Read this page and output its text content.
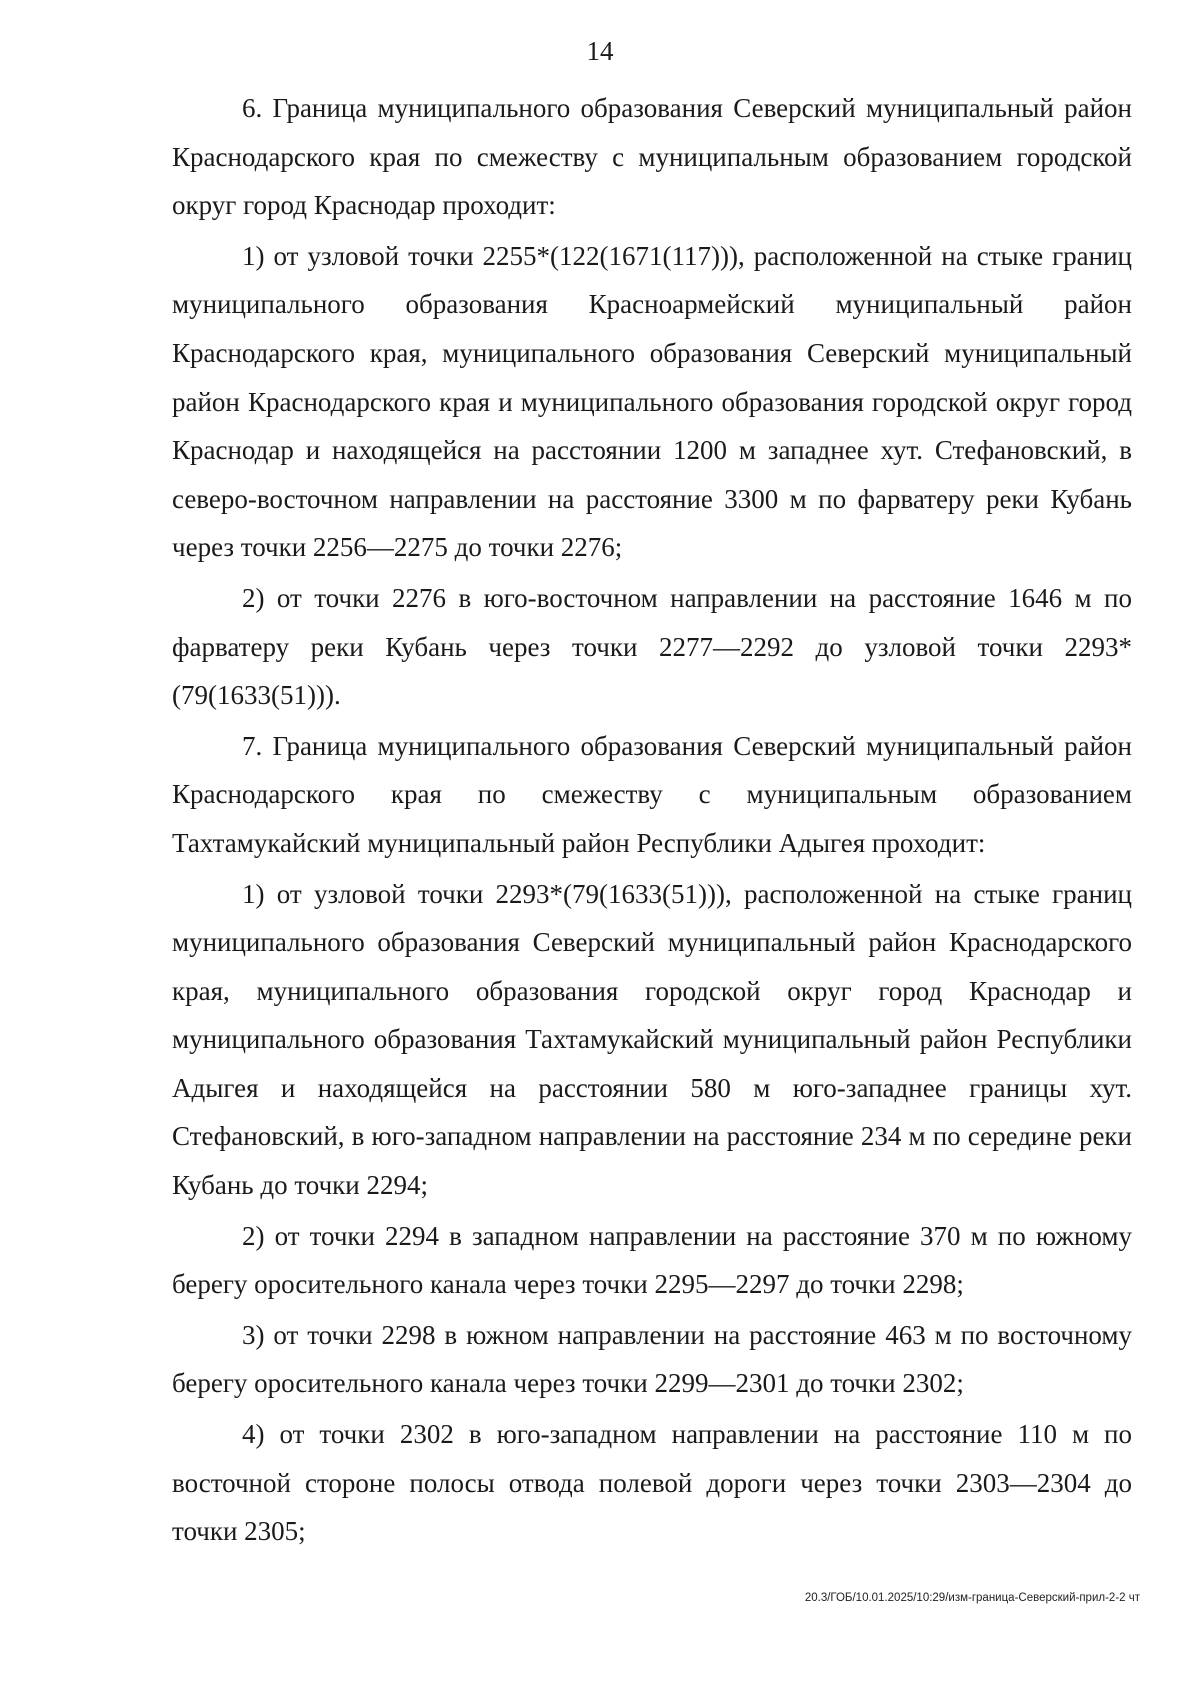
14

6. Граница муниципального образования Северский муниципальный район Краснодарского края по смежеству с муниципальным образованием городской округ город Краснодар проходит:

1) от узловой точки 2255*(122(1671(117))), расположенной на стыке границ муниципального образования Красноармейский муниципальный район Краснодарского края, муниципального образования Северский муниципальный район Краснодарского края и муниципального образования городской округ город Краснодар и находящейся на расстоянии 1200 м западнее хут. Стефановский, в северо-восточном направлении на расстояние 3300 м по фарватеру реки Кубань через точки 2256—2275 до точки 2276;

2) от точки 2276 в юго-восточном направлении на расстояние 1646 м по фарватеру реки Кубань через точки 2277—2292 до узловой точки 2293*(79(1633(51))).

7. Граница муниципального образования Северский муниципальный район Краснодарского края по смежеству с муниципальным образованием Тахтамукайский муниципальный район Республики Адыгея проходит:

1) от узловой точки 2293*(79(1633(51))), расположенной на стыке границ муниципального образования Северский муниципальный район Краснодарского края, муниципального образования городской округ город Краснодар и муниципального образования Тахтамукайский муниципальный район Республики Адыгея и находящейся на расстоянии 580 м юго-западнее границы хут. Стефановский, в юго-западном направлении на расстояние 234 м по середине реки Кубань до точки 2294;

2) от точки 2294 в западном направлении на расстояние 370 м по южному берегу оросительного канала через точки 2295—2297 до точки 2298;

3) от точки 2298 в южном направлении на расстояние 463 м по восточному берегу оросительного канала через точки 2299—2301 до точки 2302;

4) от точки 2302 в юго-западном направлении на расстояние 110 м по восточной стороне полосы отвода полевой дороги через точки 2303—2304 до точки 2305;

20.3/ГОБ/10.01.2025/10:29/изм-граница-Северский-прил-2-2 чт
